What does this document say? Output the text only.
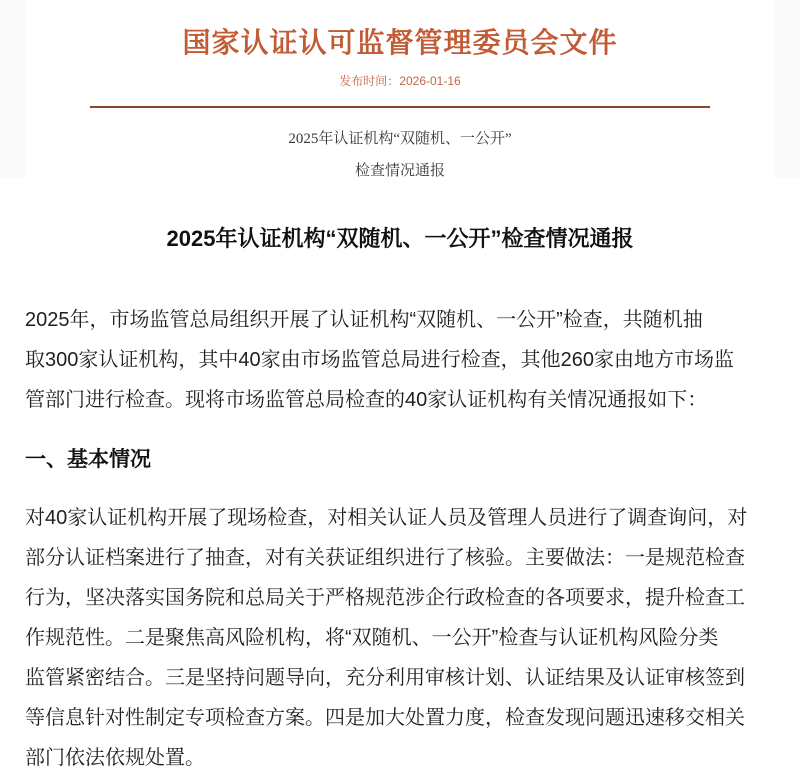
国家认证认可监督管理委员会文件
发布时间：2026-01-16
2025年认证机构“双随机、一公开”
检查情况通报
2025年认证机构“双随机、一公开”检查情况通报
2025年，市场监管总局组织开展了认证机构“双随机、一公开”检查，共随机抽
取300家认证机构，其中40家由市场监管总局进行检查，其他260家由地方市场监
管部门进行检查。现将市场监管总局检查的40家认证机构有关情况通报如下：
一、基本情况
对40家认证机构开展了现场检查，对相关认证人员及管理人员进行了调查询问，对
部分认证档案进行了抽查，对有关获证组织进行了核验。主要做法：一是规范检查
行为，坚决落实国务院和总局关于严格规范涉企行政检查的各项要求，提升检查工
作规范性。二是聚焦高风险机构，将“双随机、一公开”检查与认证机构风险分类
监管紧密结合。三是坚持问题导向，充分利用审核计划、认证结果及认证审核签到
等信息针对性制定专项检查方案。四是加大处置力度，检查发现问题迅速移交相关
部门依法依规处置。
